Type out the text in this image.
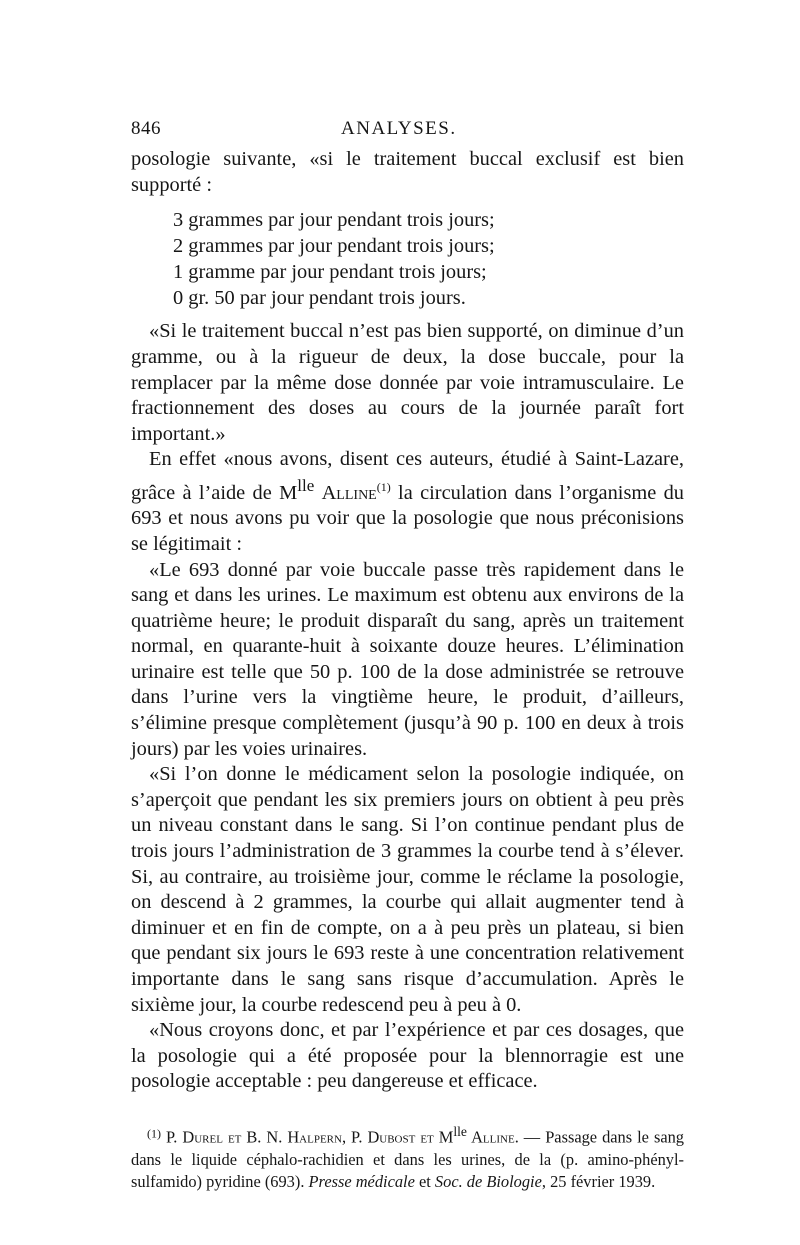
846	ANALYSES.

posologie suivante, «si le traitement buccal exclusif est bien supporté :

3 grammes par jour pendant trois jours;
2 grammes par jour pendant trois jours;
1 gramme par jour pendant trois jours;
0 gr. 50 par jour pendant trois jours.

«Si le traitement buccal n’est pas bien supporté, on diminue d’un gramme, ou à la rigueur de deux, la dose buccale, pour la remplacer par la même dose donnée par voie intramusculaire. Le fractionnement des doses au cours de la journée paraît fort important.»

En effet «nous avons, disent ces auteurs, étudié à Saint-Lazare, grâce à l’aide de $M^{lle}$ Alline$^{(1)}$ la circulation dans l’organisme du 693 et nous avons pu voir que la posologie que nous préconisions se légitimait :

«Le 693 donné par voie buccale passe très rapidement dans le sang et dans les urines. Le maximum est obtenu aux environs de la quatrième heure; le produit disparaît du sang, après un traitement normal, en quarante-huit à soixante douze heures. L’élimination urinaire est telle que 50 p. 100 de la dose administrée se retrouve dans l’urine vers la vingtième heure, le produit, d’ailleurs, s’élimine presque complètement (jusqu’à 90 p. 100 en deux à trois jours) par les voies urinaires.

«Si l’on donne le médicament selon la posologie indiquée, on s’aperçoit que pendant les six premiers jours on obtient à peu près un niveau constant dans le sang. Si l’on continue pendant plus de trois jours l’administration de 3 grammes la courbe tend à s’élever. Si, au contraire, au troisième jour, comme le réclame la posologie, on descend à 2 grammes, la courbe qui allait augmenter tend à diminuer et en fin de compte, on a à peu près un plateau, si bien que pendant six jours le 693 reste à une concentration relativement importante dans le sang sans risque d’accumulation. Après le sixième jour, la courbe redescend peu à peu à 0.

«Nous croyons donc, et par l’expérience et par ces dosages, que la posologie qui a été proposée pour la blennorragie est une posologie acceptable : peu dangereuse et efficace.

$^{(1)}$ P. Durel et B. N. Halpern, P. Dubost et $M^{lle}$ Alline. — Passage dans le sang dans le liquide céphalo-rachidien et dans les urines, de la (p. amino-phényl-sulfamido) pyridine (693). Presse médicale et Soc. de Biologie, 25 février 1939.
